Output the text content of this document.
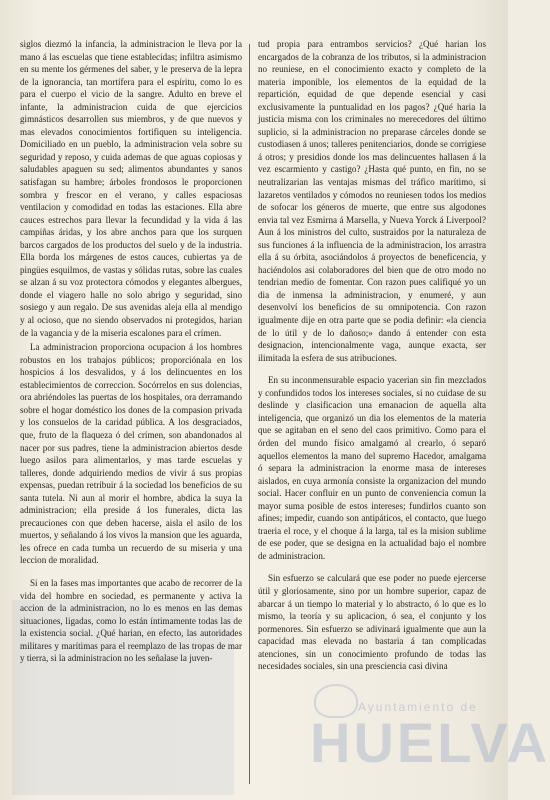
siglos diezmó la infancia, la administracion le lleva por la mano á las escuelas que tiene establecidas; infiltra asimismo en su mente los gérmenes del saber, y le preserva de la lepra de la ignorancia, tan mortífera para el espíritu, como lo es para el cuerpo el vicio de la sangre. Adulto en breve el infante, la administracion cuida de que ejercicios gimnásticos desarrollen sus miembros, y de que nuevos y mas elevados conocimientos fortifiquen su inteligencia. Domiciliado en un pueblo, la administracion vela sobre su seguridad y reposo, y cuida ademas de que aguas copiosas y saludables apaguen su sed; alimentos abundantes y sanos satisfagan su hambre; árboles frondosos le proporcionen sombra y frescor en el verano, y calles espaciosas ventilacion y comodidad en todas las estaciones. Ella abre cauces estrechos para llevar la fecundidad y la vida á las campiñas áridas, y los abre anchos para que los surquen barcos cargados de los productos del suelo y de la industria. Ella borda los márgenes de estos cauces, cubiertas ya de pingües esquilmos, de vastas y sólidas rutas, sobre las cuales se alzan á su voz protectora cómodos y elegantes albergues, donde el viagero halle no solo abrigo y seguridad, sino sosiego y aun regalo. De sus avenidas aleja ella al mendigo y al ocioso, que no siendo observados ni protegidos, harian de la vagancia y de la miseria escalones para el crímen.

La administracion proporciona ocupacion á los hombres robustos en los trabajos públicos; proporciónala en los hospicios á los desvalidos, y á los delincuentes en los establecimientos de correccion. Socórrelos en sus dolencias, ora abriéndoles las puertas de los hospitales, ora derramando sobre el hogar doméstico los dones de la compasion privada y los consuelos de la caridad pública. A los desgraciados, que, fruto de la flaqueza ó del crímen, son abandonados al nacer por sus padres, tiene la administracion abiertos desde luego asilos para alimentarlos, y mas tarde escuelas y talleres, donde adquiriendo medios de vivir á sus propias expensas, puedan retribuir á la sociedad los beneficios de su santa tutela. Ni aun al morir el hombre, abdica la suya la administracion; ella preside á los funerales, dicta las precauciones con que deben hacerse, aisla el asilo de los muertos, y señalando á los vivos la mansion que les aguarda, les ofrece en cada tumba un recuerdo de su miseria y una leccion de moralidad.

Si en la fases mas importantes que acabo de recorrer de la vida del hombre en sociedad, es permanente y activa la accion de la administracion, no lo es menos en las demas situaciones, ligadas, como lo están íntimamente todas las de la existencia social. ¿Qué harian, en efecto, las autoridades militares y marítimas para el reemplazo de las tropas de mar y tierra, si la administracion no les señalase la juven-

tud propia para entrambos servicios? ¿Qué harian los encargados de la cobranza de los tributos, si la administracion no reuniese, en el conocimiento exacto y completo de la materia imponible, los elementos de la equidad de la repartición, equidad de que depende esencial y casi exclusivamente la puntualidad en los pagos? ¿Qué haria la justicia misma con los criminales no merecedores del último suplicio, si la administracion no preparase cárceles donde se custodiasen á unos; talleres penitenciarios, donde se corrigiese á otros; y presidios donde los mas delincuentes hallasen á la vez escarmiento y castigo? ¿Hasta qué punto, en fin, no se neutralizarian las ventajas mismas del tráfico marítimo, si lazaretos ventilados y cómodos no reuniesen todos los medios de sofocar los géneros de muerte, que entre sus algodones envia tal vez Esmirna á Marsella, y Nueva Yorck á Liverpool? Aun á los ministros del culto, sustraidos por la naturaleza de sus funciones á la influencia de la administracion, los arrastra ella á su órbita, asociándolos á proyectos de beneficencia, y haciéndolos asi colaboradores del bien que de otro modo no tendrian medio de fomentar. Con razon pues califiqué yo un dia de inmensa la administracion, y enumeré, y aun desenvolví los beneficios de su omnipotencia. Con razon igualmente dije en otra parte que se podia definir: «la ciencia de lo útil y de lo dañoso;» dando á entender con esta designacion, intencionalmente vaga, aunque exacta, ser ilimitada la esfera de sus atribuciones.

En su inconmensurable espacio yacerian sin fin mezclados y confundidos todos los intereses sociales, si no cuidase de su deslinde y clasificacion una emanacion de aquella alta inteligencia, que organizó un dia los elementos de la materia que se agitaban en el seno del caos primitivo. Como para el órden del mundo físico amalgamó al crearlo, ó separó aquellos elementos la mano del supremo Hacedor, amalgama ó separa la administracion la enorme masa de intereses aislados, en cuya armonía consiste la organizacion del mundo social. Hacer confluir en un punto de conveniencia comun la mayor suma posible de estos intereses; fundirlos cuanto son afines; impedir, cuando son antipáticos, el contacto, que luego traeria el roce, y el choque á la larga, tal es la mision sublime de ese poder, que se designa en la actualidad bajo el nombre de administracion.

Sin esfuerzo se calculará que ese poder no puede ejercerse útil y gloriosamente, sino por un hombre superior, capaz de abarcar á un tiempo lo material y lo abstracto, ó lo que es lo mismo, la teoría y su aplicacion, ó sea, el conjunto y los pormenores. Sin esfuerzo se adivinará igualmente que aun la capacidad mas elevada no bastaria á tan complicadas atenciones, sin un conocimiento profundo de todas las necesidades sociales, sin una presciencia casi divina

Ayuntamiento de
HUELVA
